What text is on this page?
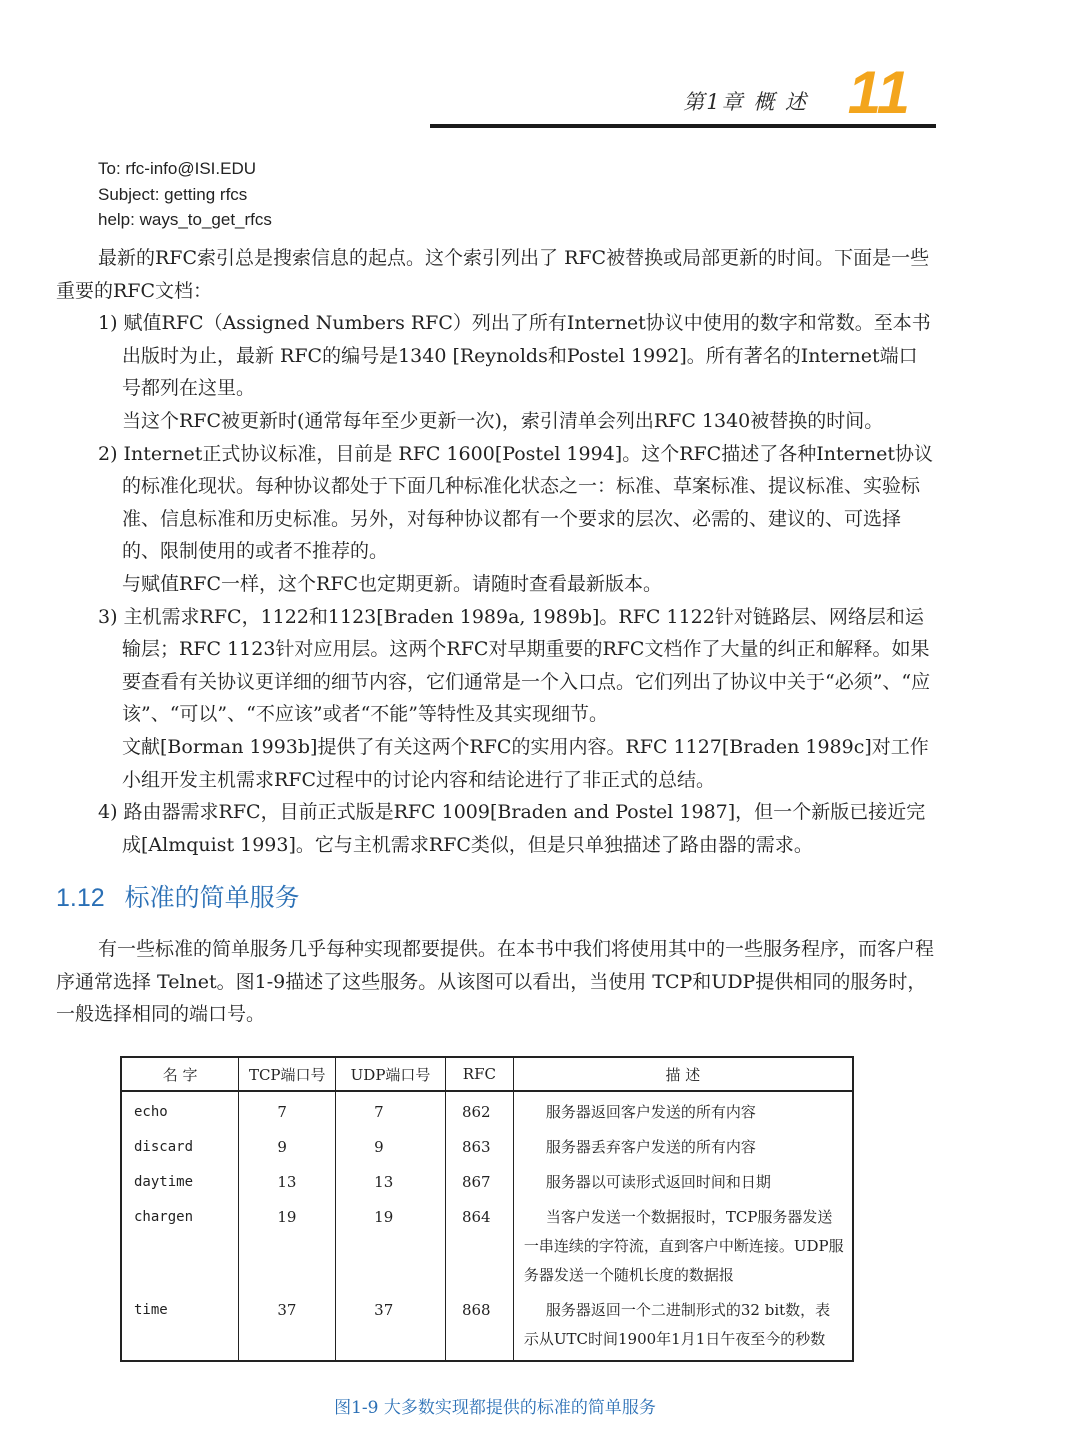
第1章 概 述 11
To: rfc-info@ISI.EDU
Subject: getting rfcs
help: ways_to_get_rfcs

最新的RFC索引总是搜索信息的起点。这个索引列出了 RFC被替换或局部更新的时间。下面是一些重要的RFC文档：

1) 赋值RFC（Assigned Numbers RFC）列出了所有Internet协议中使用的数字和常数。至本书出版时为止，最新 RFC的编号是1340 [Reynolds和Postel 1992]。所有著名的Internet端口号都列在这里。

当这个RFC被更新时(通常每年至少更新一次)，索引清单会列出RFC 1340被替换的时间。

2) Internet正式协议标准，目前是 RFC 1600[Postel 1994]。这个RFC描述了各种Internet协议的标准化现状。每种协议都处于下面几种标准化状态之一：标准、草案标准、提议标准、实验标准、信息标准和历史标准。另外，对每种协议都有一个要求的层次、必需的、建议的、可选择的、限制使用的或者不推荐的。

与赋值RFC一样，这个RFC也定期更新。请随时查看最新版本。

3) 主机需求RFC，1122和1123[Braden 1989a, 1989b]。RFC 1122针对链路层、网络层和运输层；RFC 1123针对应用层。这两个RFC对早期重要的RFC文档作了大量的纠正和解释。如果要查看有关协议更详细的细节内容，它们通常是一个入口点。它们列出了协议中关于“必须”、“应该”、“可以”、“不应该”或者“不能”等特性及其实现细节。

文献[Borman 1993b]提供了有关这两个RFC的实用内容。RFC 1127[Braden 1989c]对工作小组开发主机需求RFC过程中的讨论内容和结论进行了非正式的总结。

4) 路由器需求RFC，目前正式版是RFC 1009[Braden and Postel 1987]，但一个新版已接近完成[Almquist 1993]。它与主机需求RFC类似，但是只单独描述了路由器的需求。

1.12 标准的简单服务

有一些标准的简单服务几乎每种实现都要提供。在本书中我们将使用其中的一些服务程序，而客户程序通常选择 Telnet。图1-9描述了这些服务。从该图可以看出，当使用 TCP和UDP提供相同的服务时，一般选择相同的端口号。

名 字	TCP端口号	UDP端口号	RFC	描 述
echo	7	7	862	服务器返回客户发送的所有内容
discard	9	9	863	服务器丢弃客户发送的所有内容
daytime	13	13	867	服务器以可读形式返回时间和日期
chargen	19	19	864	当客户发送一个数据报时，TCP服务器发送一串连续的字符流，直到客户中断连接。UDP服务器发送一个随机长度的数据报
time	37	37	868	服务器返回一个二进制形式的32 bit数，表示从UTC时间1900年1月1日午夜至今的秒数
图1-9 大多数实现都提供的标准的简单服务
